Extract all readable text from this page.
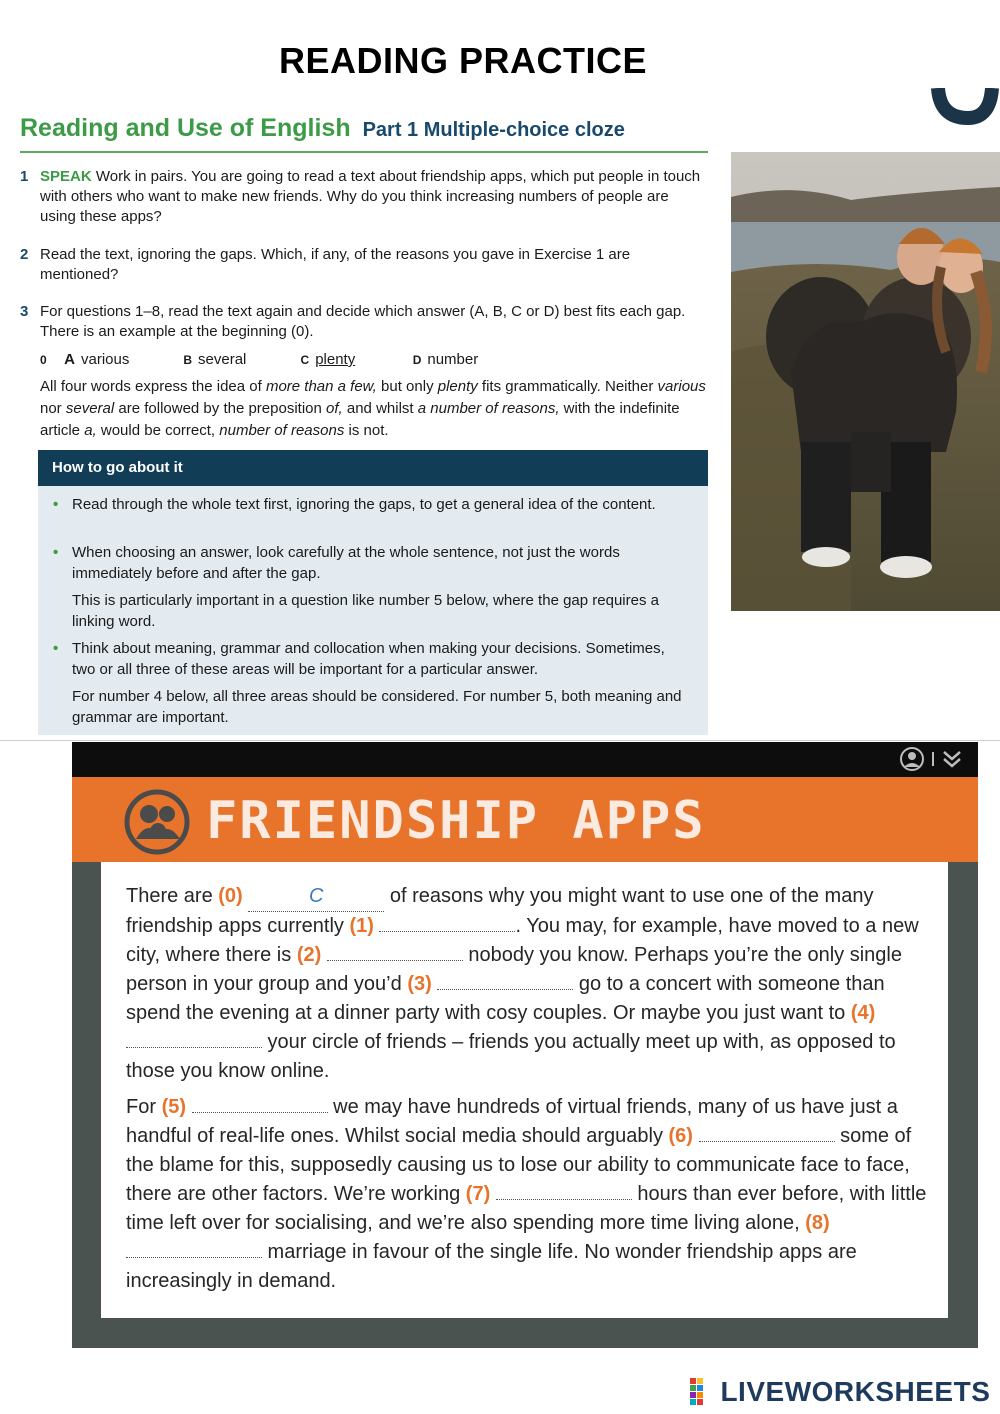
READING PRACTICE
Reading and Use of English Part 1 Multiple-choice cloze
1 SPEAK Work in pairs. You are going to read a text about friendship apps, which put people in touch with others who want to make new friends. Why do you think increasing numbers of people are using these apps?
2 Read the text, ignoring the gaps. Which, if any, of the reasons you gave in Exercise 1 are mentioned?
3 For questions 1–8, read the text again and decide which answer (A, B, C or D) best fits each gap. There is an example at the beginning (0).
0 A various	B several	C plenty	D number
All four words express the idea of more than a few, but only plenty fits grammatically. Neither various nor several are followed by the preposition of, and whilst a number of reasons, with the indefinite article a, would be correct, number of reasons is not.
How to go about it
• Read through the whole text first, ignoring the gaps, to get a general idea of the content.
• When choosing an answer, look carefully at the whole sentence, not just the words immediately before and after the gap.
This is particularly important in a question like number 5 below, where the gap requires a linking word.
• Think about meaning, grammar and collocation when making your decisions. Sometimes, two or all three of these areas will be important for a particular answer.
For number 4 below, all three areas should be considered. For number 5, both meaning and grammar are important.
FRIENDSHIP APPS

There are (0)	C	of reasons why you might want to use one of the many friendship apps currently (1)	. You may, for example, have moved to a new city, where there is (2)	nobody you know. Perhaps you’re the only single person in your group and you’d (3)	go to a concert with someone than spend the evening at a dinner party with cosy couples. Or maybe you just want to (4)  your circle of friends – friends you actually meet up with, as opposed to those you know online.

For (5)	we may have hundreds of virtual friends, many of us have just a handful of real-life ones. Whilst social media should arguably (6)	some of the blame for this, supposedly causing us to lose our ability to communicate face to face, there are other factors. We’re working (7)	hours than ever before, with little time left over for socialising, and we’re also spending more time living alone, (8)  marriage in favour of the single life. No wonder friendship apps are increasingly in demand.

LIVEWORKSHEETS
